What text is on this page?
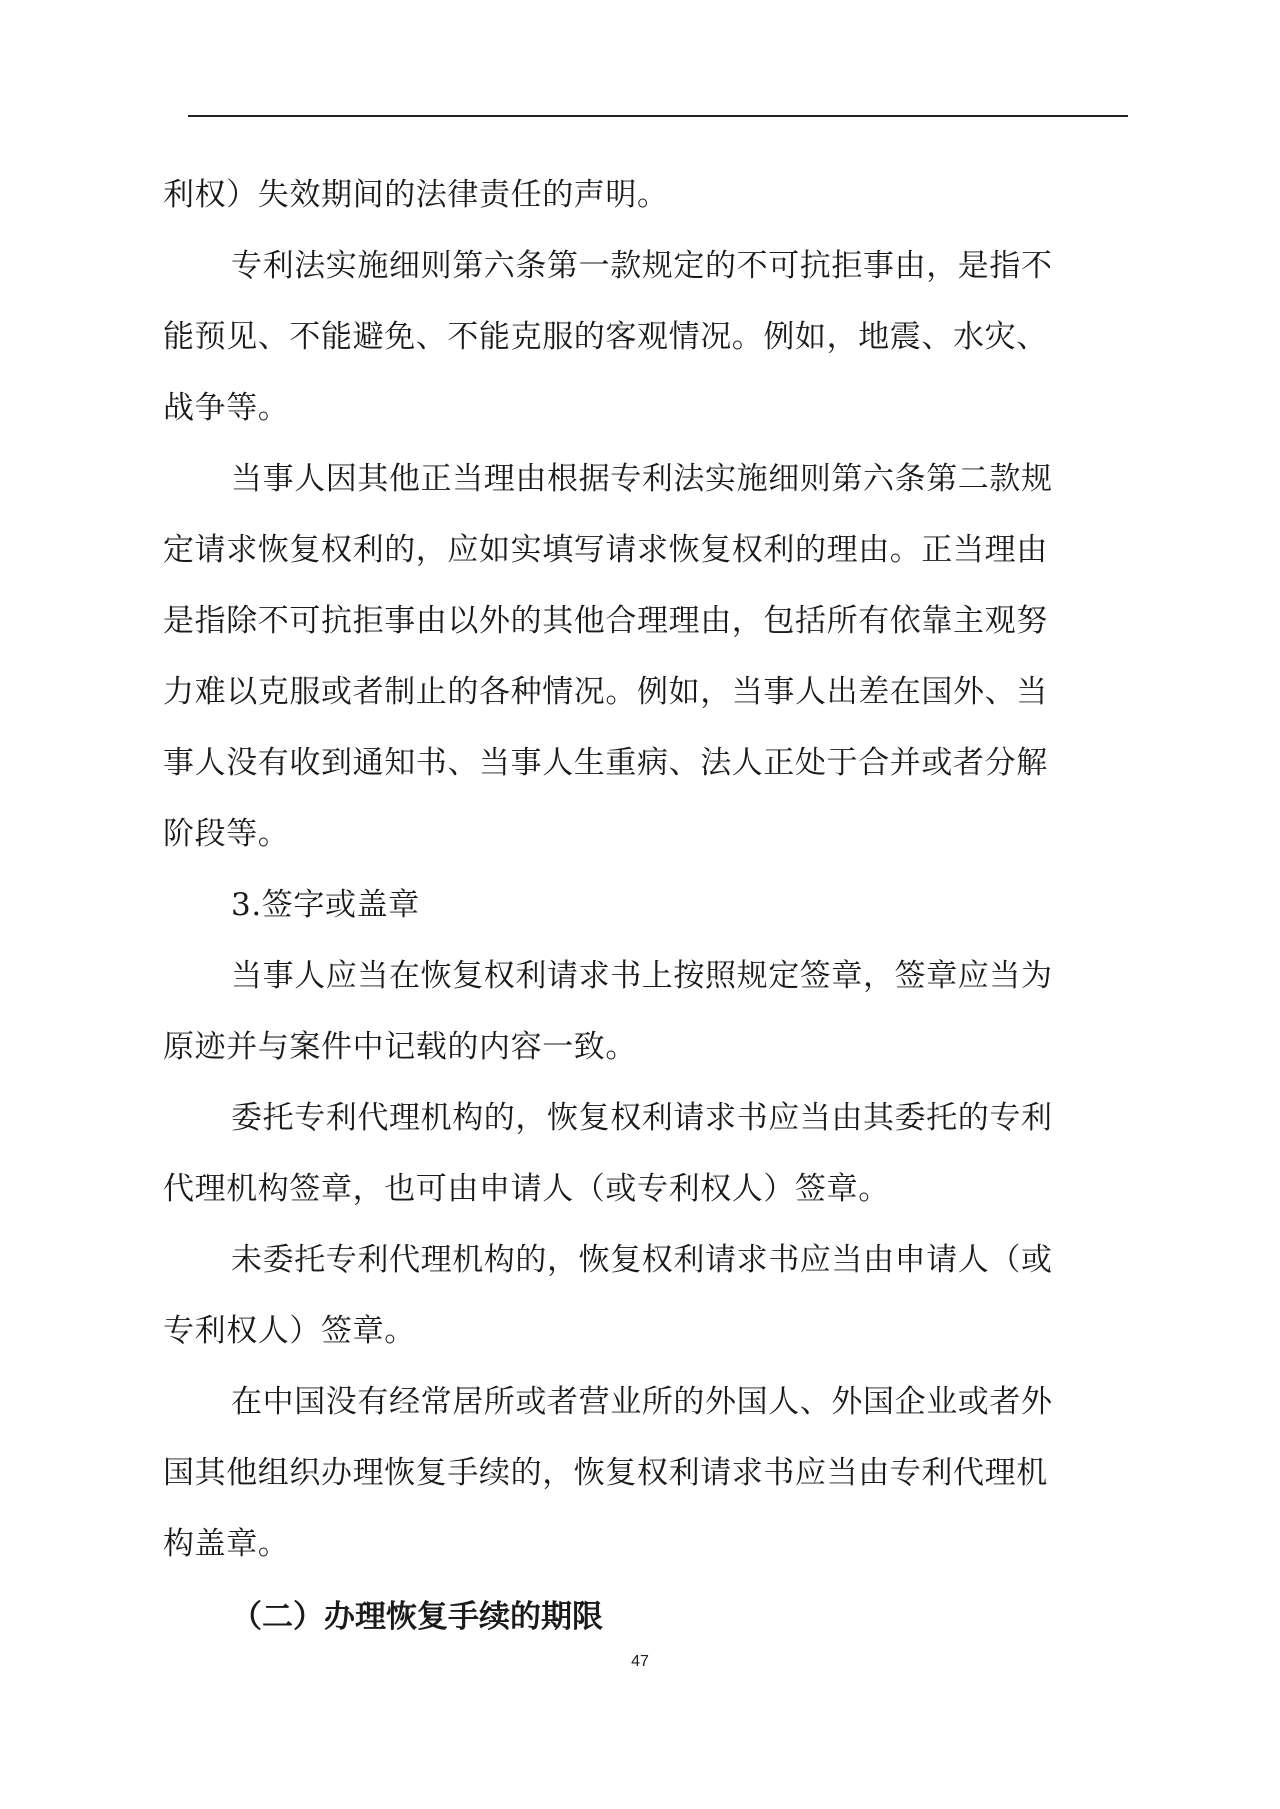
利权）失效期间的法律责任的声明。
专利法实施细则第六条第一款规定的不可抗拒事由，是指不
能预见、不能避免、不能克服的客观情况。例如，地震、水灾、
战争等。
当事人因其他正当理由根据专利法实施细则第六条第二款规
定请求恢复权利的，应如实填写请求恢复权利的理由。正当理由
是指除不可抗拒事由以外的其他合理理由，包括所有依靠主观努
力难以克服或者制止的各种情况。例如，当事人出差在国外、当
事人没有收到通知书、当事人生重病、法人正处于合并或者分解
阶段等。
3.签字或盖章
当事人应当在恢复权利请求书上按照规定签章，签章应当为
原迹并与案件中记载的内容一致。
委托专利代理机构的，恢复权利请求书应当由其委托的专利
代理机构签章，也可由申请人（或专利权人）签章。
未委托专利代理机构的，恢复权利请求书应当由申请人（或
专利权人）签章。
在中国没有经常居所或者营业所的外国人、外国企业或者外
国其他组织办理恢复手续的，恢复权利请求书应当由专利代理机
构盖章。
（二）办理恢复手续的期限
47
